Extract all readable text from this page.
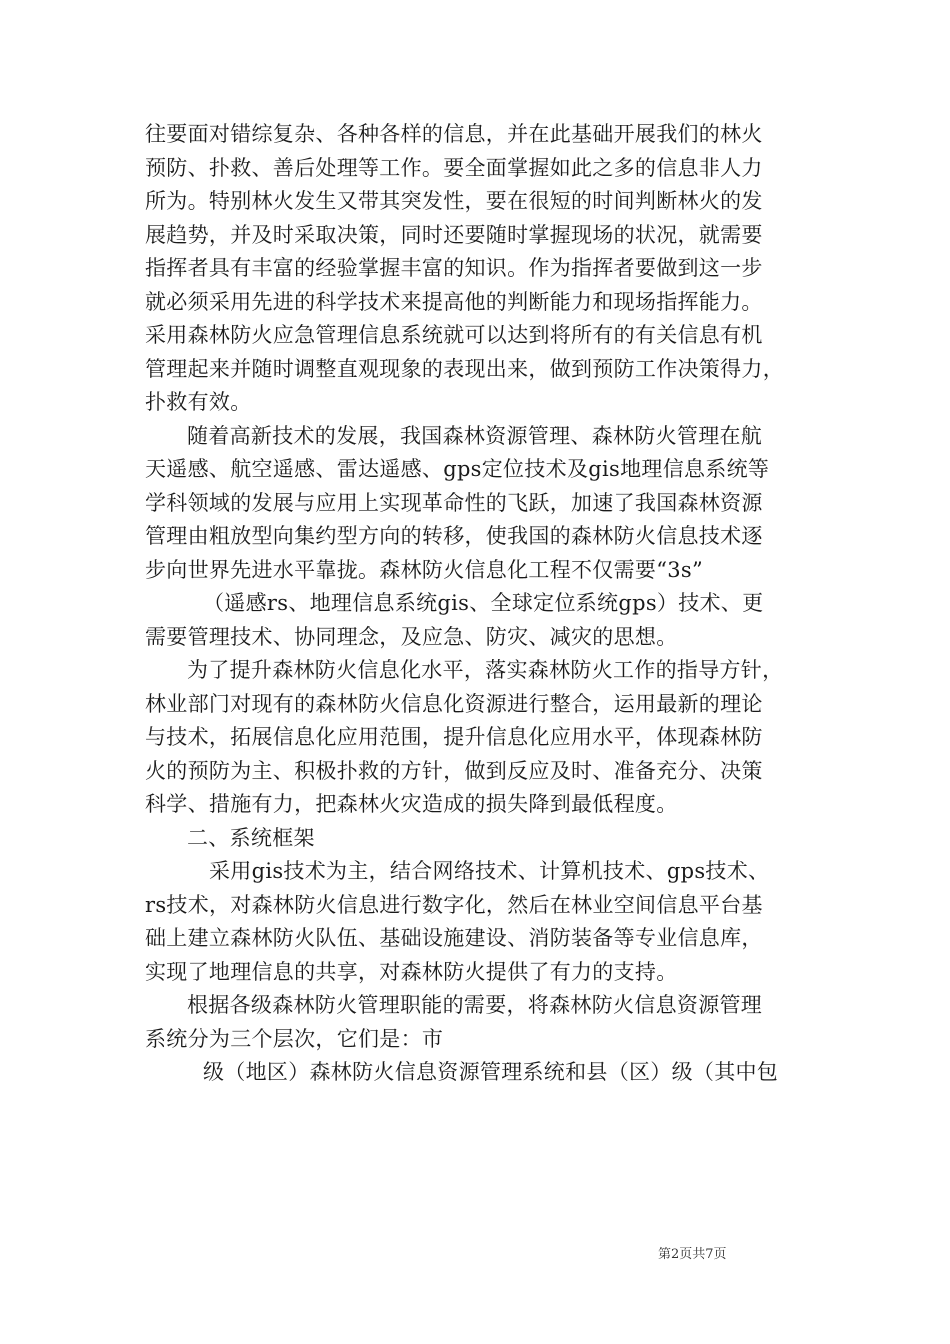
往要面对错综复杂、各种各样的信息，并在此基础开展我们的林火
预防、扑救、善后处理等工作。要全面掌握如此之多的信息非人力
所为。特别林火发生又带其突发性，要在很短的时间判断林火的发
展趋势，并及时采取决策，同时还要随时掌握现场的状况，就需要
指挥者具有丰富的经验掌握丰富的知识。作为指挥者要做到这一步
就必须采用先进的科学技术来提高他的判断能力和现场指挥能力。
采用森林防火应急管理信息系统就可以达到将所有的有关信息有机
管理起来并随时调整直观现象的表现出来，做到预防工作决策得力，
扑救有效。
随着高新技术的发展，我国森林资源管理、森林防火管理在航
天遥感、航空遥感、雷达遥感、gps定位技术及gis地理信息系统等
学科领域的发展与应用上实现革命性的飞跃，加速了我国森林资源
管理由粗放型向集约型方向的转移，使我国的森林防火信息技术逐
步向世界先进水平靠拢。森林防火信息化工程不仅需要“3s”
（遥感rs、地理信息系统gis、全球定位系统gps）技术、更
需要管理技术、协同理念，及应急、防灾、减灾的思想。
为了提升森林防火信息化水平，落实森林防火工作的指导方针，
林业部门对现有的森林防火信息化资源进行整合，运用最新的理论
与技术，拓展信息化应用范围，提升信息化应用水平，体现森林防
火的预防为主、积极扑救的方针，做到反应及时、准备充分、决策
科学、措施有力，把森林火灾造成的损失降到最低程度。
二、系统框架
采用gis技术为主，结合网络技术、计算机技术、gps技术、
rs技术，对森林防火信息进行数字化，然后在林业空间信息平台基
础上建立森林防火队伍、基础设施建设、消防装备等专业信息库，
实现了地理信息的共享，对森林防火提供了有力的支持。
根据各级森林防火管理职能的需要，将森林防火信息资源管理
系统分为三个层次，它们是：市
级（地区）森林防火信息资源管理系统和县（区）级（其中包
第2页共7页
